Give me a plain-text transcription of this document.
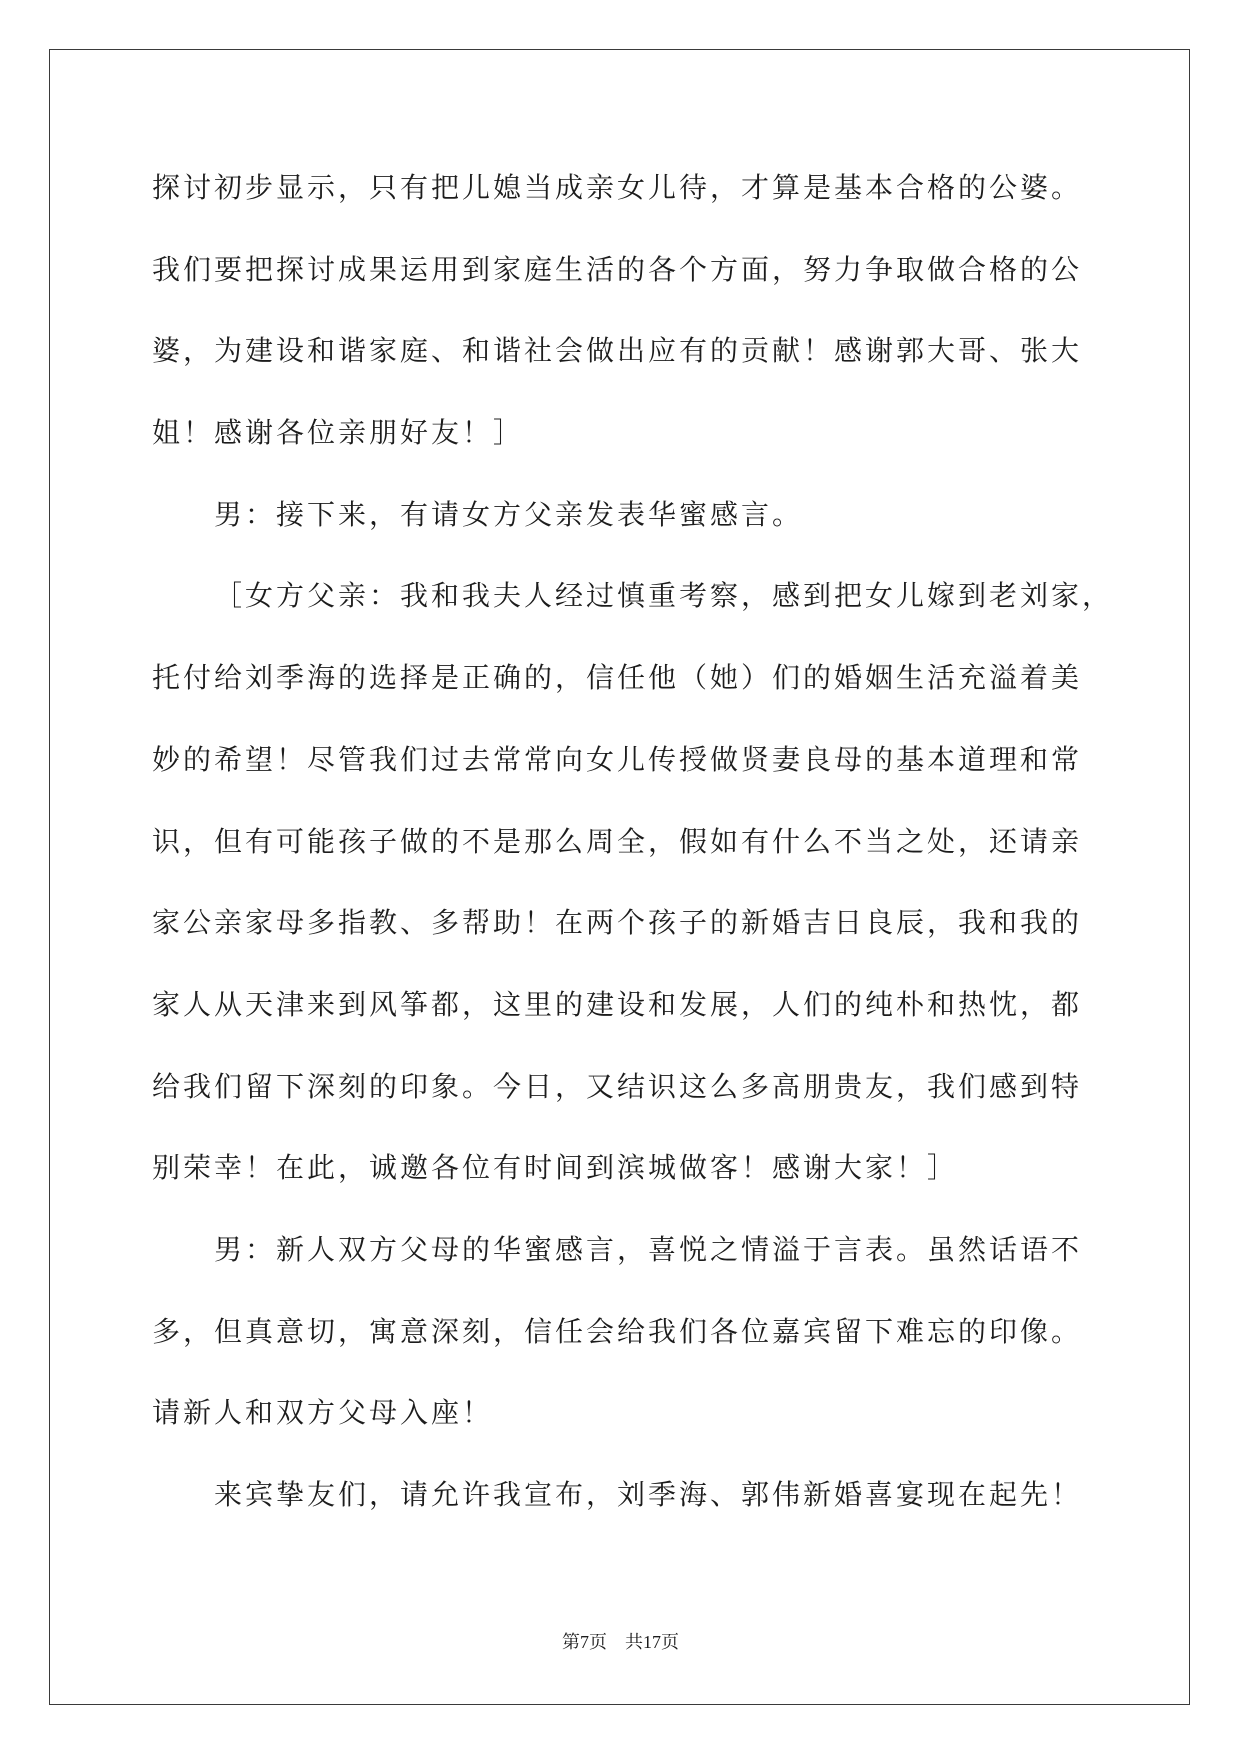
探讨初步显示，只有把儿媳当成亲女儿待，才算是基本合格的公婆。
我们要把探讨成果运用到家庭生活的各个方面，努力争取做合格的公
婆，为建设和谐家庭、和谐社会做出应有的贡献！感谢郭大哥、张大
姐！感谢各位亲朋好友！］
男：接下来，有请女方父亲发表华蜜感言。
［女方父亲：我和我夫人经过慎重考察，感到把女儿嫁到老刘家，
托付给刘季海的选择是正确的，信任他（她）们的婚姻生活充溢着美
妙的希望！尽管我们过去常常向女儿传授做贤妻良母的基本道理和常
识，但有可能孩子做的不是那么周全，假如有什么不当之处，还请亲
家公亲家母多指教、多帮助！在两个孩子的新婚吉日良辰，我和我的
家人从天津来到风筝都，这里的建设和发展，人们的纯朴和热忱，都
给我们留下深刻的印象。今日，又结识这么多高朋贵友，我们感到特
别荣幸！在此，诚邀各位有时间到滨城做客！感谢大家！］
男：新人双方父母的华蜜感言，喜悦之情溢于言表。虽然话语不
多，但真意切，寓意深刻，信任会给我们各位嘉宾留下难忘的印像。
请新人和双方父母入座！
来宾挚友们，请允许我宣布，刘季海、郭伟新婚喜宴现在起先！
第7页 共17页
